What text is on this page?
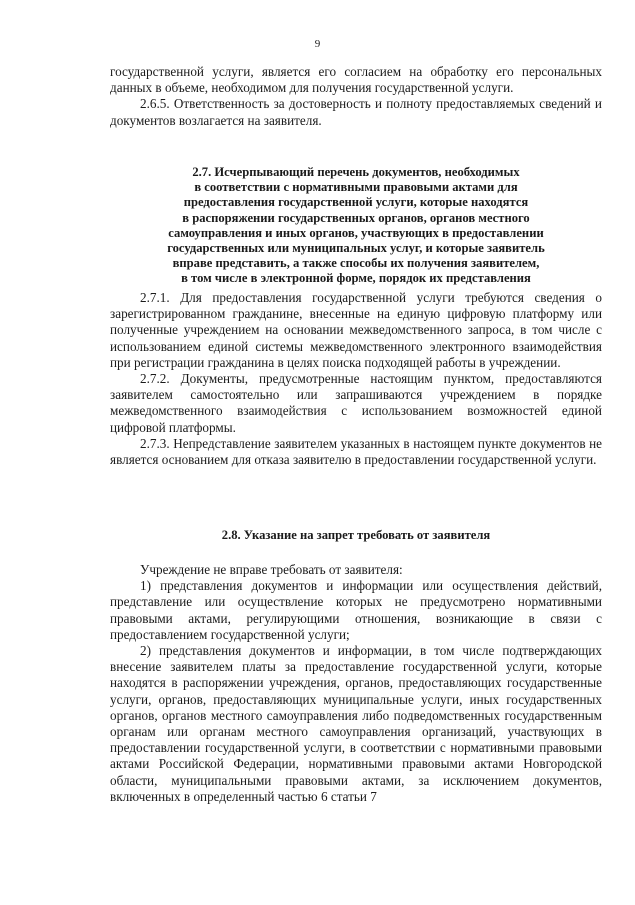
9

государственной услуги, является его согласием на обработку его персональных данных в объеме, необходимом для получения государственной услуги.

2.6.5. Ответственность за достоверность и полноту предоставляемых сведений и документов возлагается на заявителя.

2.7. Исчерпывающий перечень документов, необходимых
в соответствии с нормативными правовыми актами для
предоставления государственной услуги, которые находятся
в распоряжении государственных органов, органов местного
самоуправления и иных органов, участвующих в предоставлении
государственных или муниципальных услуг, и которые заявитель
вправе представить, а также способы их получения заявителем,
в том числе в электронной форме, порядок их представления

2.7.1. Для предоставления государственной услуги требуются сведения о зарегистрированном гражданине, внесенные на единую цифровую платформу или полученные учреждением на основании межведомственного запроса, в том числе с использованием единой системы межведомственного электронного взаимодействия при регистрации гражданина в целях поиска подходящей работы в учреждении.

2.7.2. Документы, предусмотренные настоящим пунктом, предоставляются заявителем самостоятельно или запрашиваются учреждением в порядке межведомственного взаимодействия с использованием возможностей единой цифровой платформы.

2.7.3. Непредставление заявителем указанных в настоящем пункте документов не является основанием для отказа заявителю в предоставлении государственной услуги.

2.8. Указание на запрет требовать от заявителя

Учреждение не вправе требовать от заявителя:

1) представления документов и информации или осуществления действий, представление или осуществление которых не предусмотрено нормативными правовыми актами, регулирующими отношения, возникающие в связи с предоставлением государственной услуги;

2) представления документов и информации, в том числе подтверждающих внесение заявителем платы за предоставление государственной услуги, которые находятся в распоряжении учреждения, органов, предоставляющих государственные услуги, органов, предоставляющих муниципальные услуги, иных государственных органов, органов местного самоуправления либо подведомственных государственным органам или органам местного самоуправления организаций, участвующих в предоставлении государственной услуги, в соответствии с нормативными правовыми актами Российской Федерации, нормативными правовыми актами Новгородской области, муниципальными правовыми актами, за исключением документов, включенных в определенный частью 6 статьи 7
